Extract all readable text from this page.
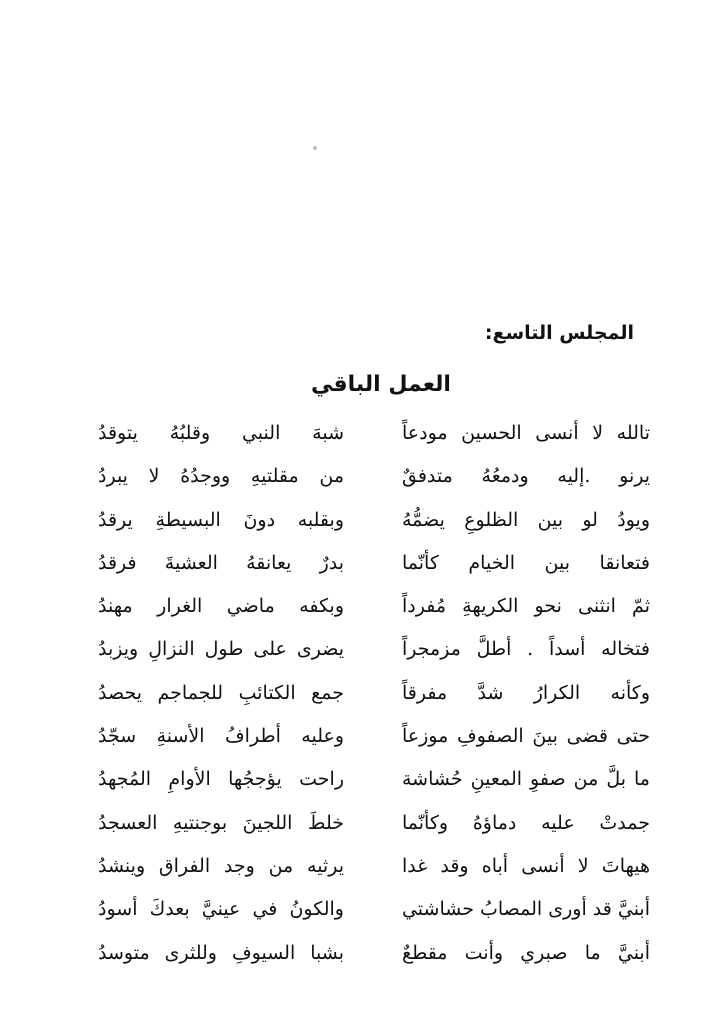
المجلس التاسع:
العمل الباقي
تالله لا أنسى الحسين مودعاً
شبهَ النبي وقلبُهُ يتوقدُ
يرنو .إليه ودمعُهُ متدفقٌ
من مقلتيهِ ووجدُهُ لا يبردُ
ويودُ لو بين الظلوعِ يضمُّهُ
وبقلبه دونَ البسيطةِ يرقدُ
فتعانقا بين الخيام كأنّما
بدرٌ يعانقهُ العشيةَ فرقدُ
ثمّ انثنى نحو الكريهةِ مُفرداً
وبكفه ماضي الغرار مهندُ
فتخاله أسداً . أطلَّ مزمجراً
يضرى على طول النزالِ ويزبدُ
وكأنه الكرارُ شدَّ مفرقاً
جمع الكتائبِ للجماجم يحصدُ
حتى قضى بينَ الصفوفِ موزعاً
وعليه أطرافُ الأسنةِ سجّدُ
ما بلَّ من صفوِ المعينِ حُشاشة
راحت يؤججُها الأوامِ المُجهدُ
جمدتْ عليه دماؤهُ وكأنّما
خلطَ اللجينَ بوجنتيهِ العسجدُ
هيهاتَ لا أنسى أباه وقد غدا
يرثيه من وجد الفراق وينشدُ
أبنيَّ قد أورى المصابُ حشاشتي
والكونُ في عينيَّ بعدكَ أسودُ
أبنيَّ ما صبري وأنت مقطعٌ
بشبا السيوفِ وللثرى متوسدُ
